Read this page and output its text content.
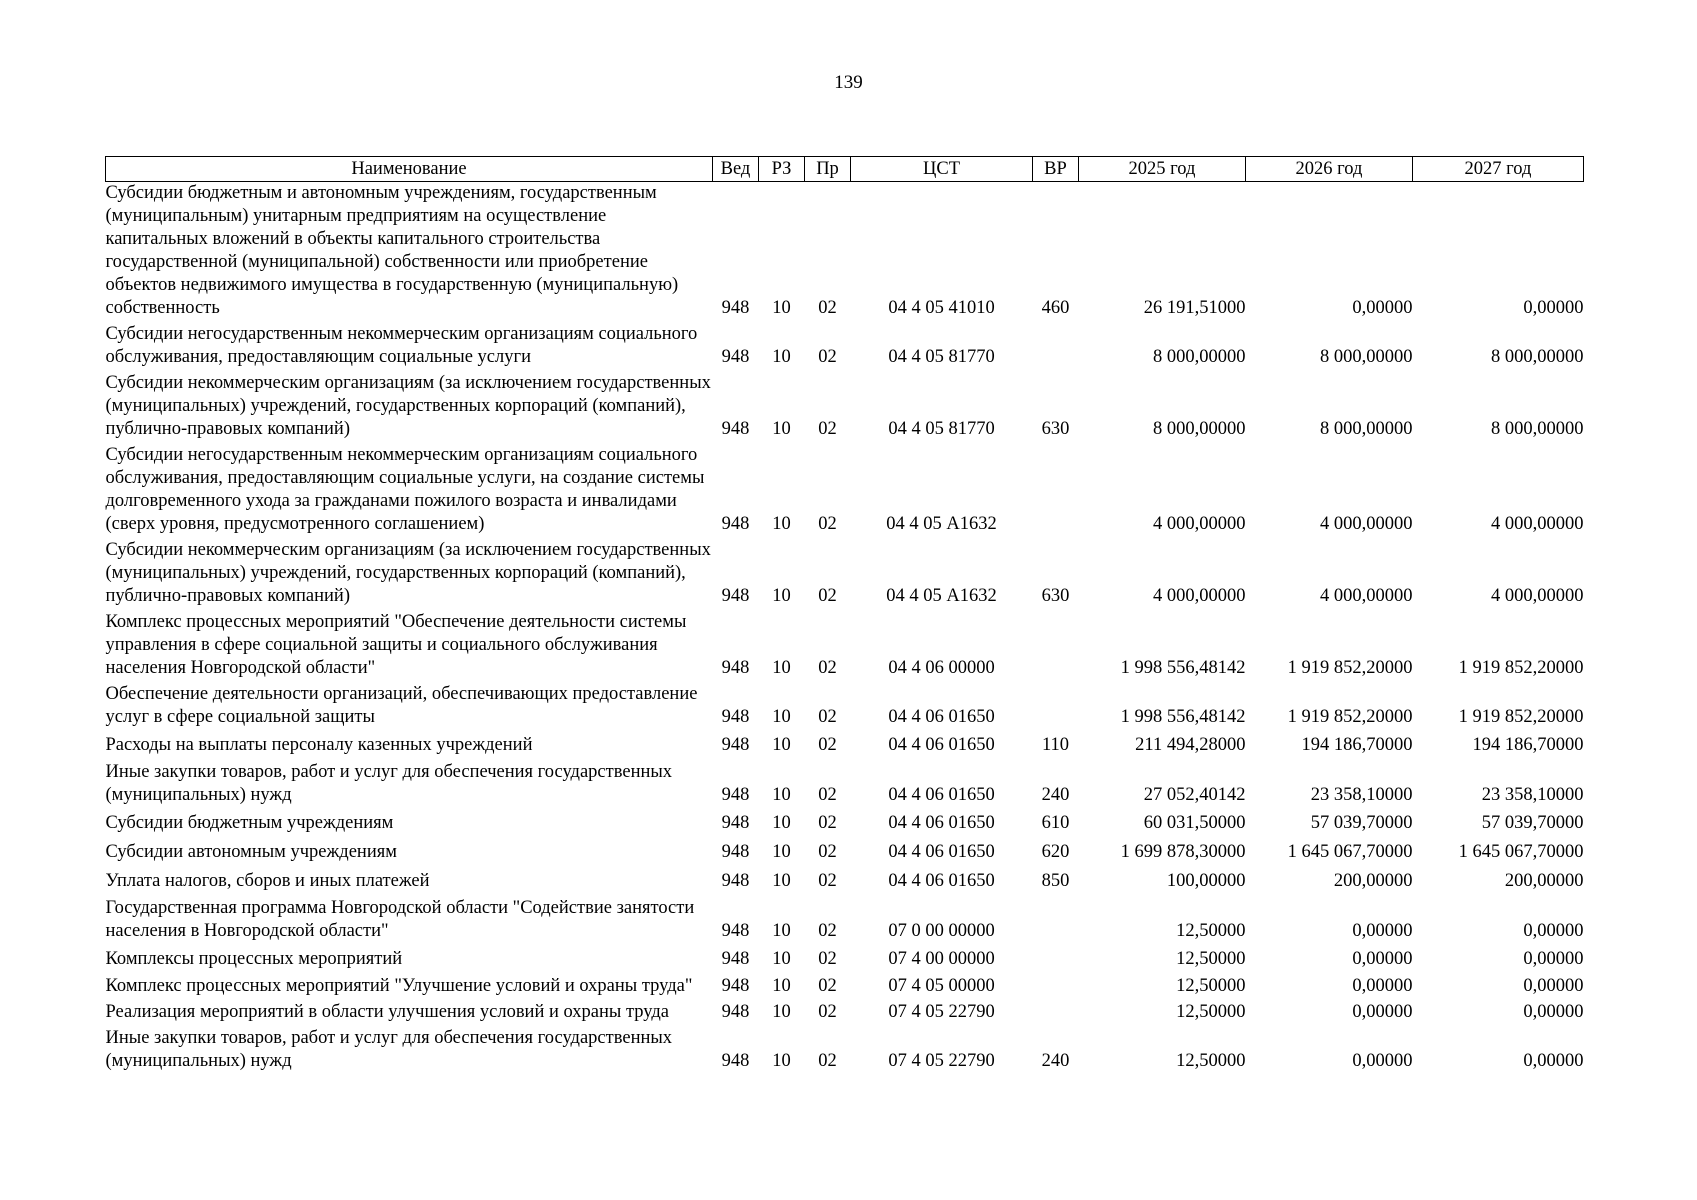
139
Наименование	Вед	РЗ	Пр	ЦСТ	ВР	2025 год	2026 год	2027 год
Субсидии бюджетным и автономным учреждениям, государственным (муниципальным) унитарным предприятиям на осуществление капитальных вложений в объекты капитального строительства государственной (муниципальной) собственности или приобретение объектов недвижимого имущества в государственную (муниципальную) собственность	948	10	02	04 4 05 41010	460	26 191,51000	0,00000	0,00000
Субсидии негосударственным некоммерческим организациям социального обслуживания, предоставляющим социальные услуги	948	10	02	04 4 05 81770		8 000,00000	8 000,00000	8 000,00000
Субсидии некоммерческим организациям (за исключением государственных (муниципальных) учреждений, государственных корпораций (компаний), публично-правовых компаний)	948	10	02	04 4 05 81770	630	8 000,00000	8 000,00000	8 000,00000
Субсидии негосударственным некоммерческим организациям социального обслуживания, предоставляющим социальные услуги, на создание системы долговременного ухода за гражданами пожилого возраста и инвалидами (сверх уровня, предусмотренного соглашением)	948	10	02	04 4 05 А1632		4 000,00000	4 000,00000	4 000,00000
Субсидии некоммерческим организациям (за исключением государственных (муниципальных) учреждений, государственных корпораций (компаний), публично-правовых компаний)	948	10	02	04 4 05 А1632	630	4 000,00000	4 000,00000	4 000,00000
Комплекс процессных мероприятий "Обеспечение деятельности системы управления в сфере социальной защиты и социального обслуживания населения Новгородской области"	948	10	02	04 4 06 00000		1 998 556,48142	1 919 852,20000	1 919 852,20000
Обеспечение деятельности организаций, обеспечивающих предоставление услуг в сфере социальной защиты	948	10	02	04 4 06 01650		1 998 556,48142	1 919 852,20000	1 919 852,20000
Расходы на выплаты персоналу казенных учреждений	948	10	02	04 4 06 01650	110	211 494,28000	194 186,70000	194 186,70000
Иные закупки товаров, работ и услуг для обеспечения государственных (муниципальных) нужд	948	10	02	04 4 06 01650	240	27 052,40142	23 358,10000	23 358,10000
Субсидии бюджетным учреждениям	948	10	02	04 4 06 01650	610	60 031,50000	57 039,70000	57 039,70000
Субсидии автономным учреждениям	948	10	02	04 4 06 01650	620	1 699 878,30000	1 645 067,70000	1 645 067,70000
Уплата налогов, сборов и иных платежей	948	10	02	04 4 06 01650	850	100,00000	200,00000	200,00000
Государственная программа Новгородской области "Содействие занятости населения в Новгородской области"	948	10	02	07 0 00 00000		12,50000	0,00000	0,00000
Комплексы процессных мероприятий	948	10	02	07 4 00 00000		12,50000	0,00000	0,00000
Комплекс процессных мероприятий "Улучшение условий и охраны труда"	948	10	02	07 4 05 00000		12,50000	0,00000	0,00000
Реализация мероприятий в области улучшения условий и охраны труда	948	10	02	07 4 05 22790		12,50000	0,00000	0,00000
Иные закупки товаров, работ и услуг для обеспечения государственных (муниципальных) нужд	948	10	02	07 4 05 22790	240	12,50000	0,00000	0,00000
